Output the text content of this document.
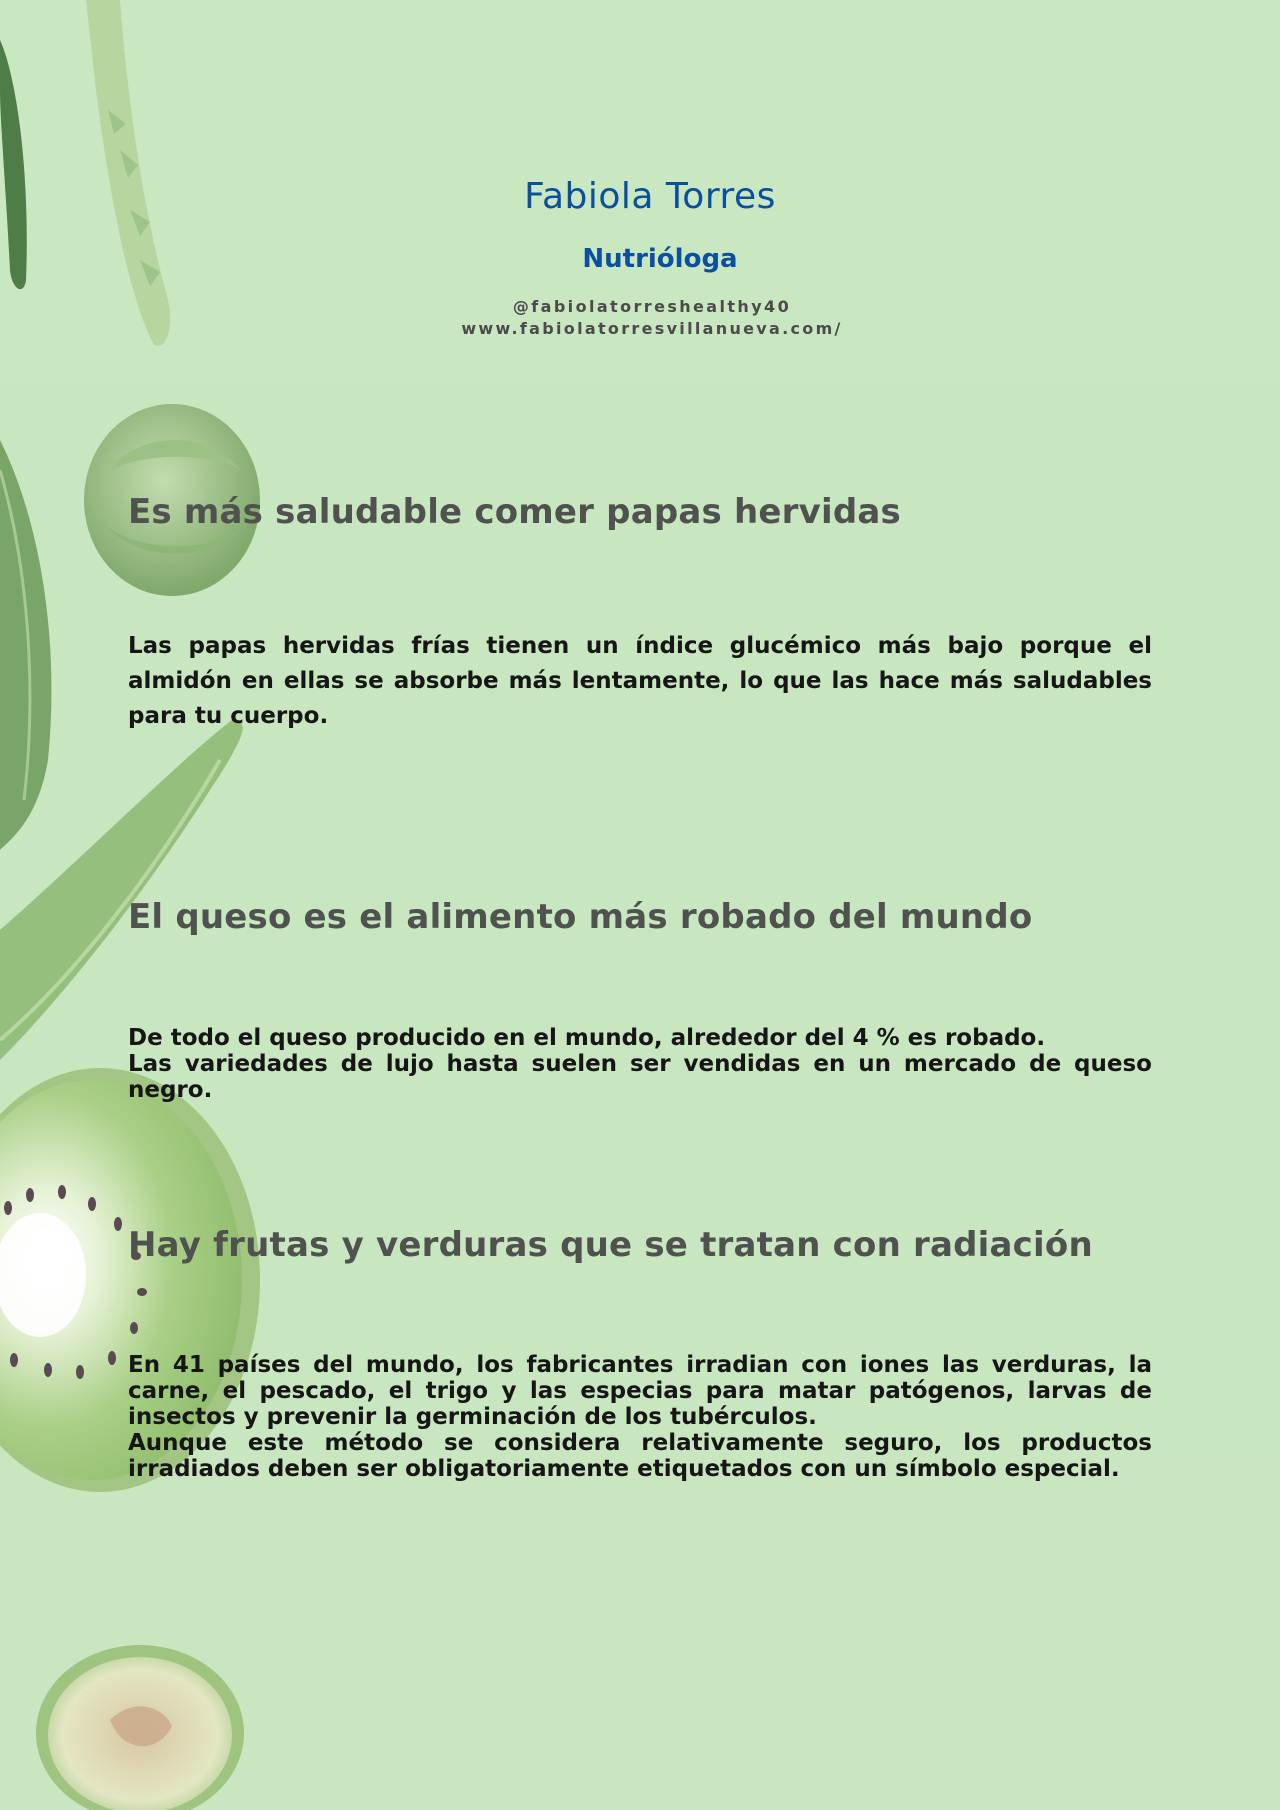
Fabiola Torres
Nutrióloga
@fabiolatorreshealthy40
www.fabiolatorresvillanueva.com/
Es más saludable comer papas hervidas
Las papas hervidas frías tienen un índice glucémico más bajo porque el almidón en ellas se absorbe más lentamente, lo que las hace más saludables para tu cuerpo.
El queso es el alimento más robado del mundo

De todo el queso producido en el mundo, alrededor del 4 % es robado.

Las variedades de lujo hasta suelen ser vendidas en un mercado de queso negro.

Hay frutas y verduras que se tratan con radiación

En 41 países del mundo, los fabricantes irradian con iones las verduras, la carne, el pescado, el trigo y las especias para matar patógenos, larvas de insectos y prevenir la germinación de los tubérculos.

Aunque este método se considera relativamente seguro, los productos irradiados deben ser obligatoriamente etiquetados con un símbolo especial.
